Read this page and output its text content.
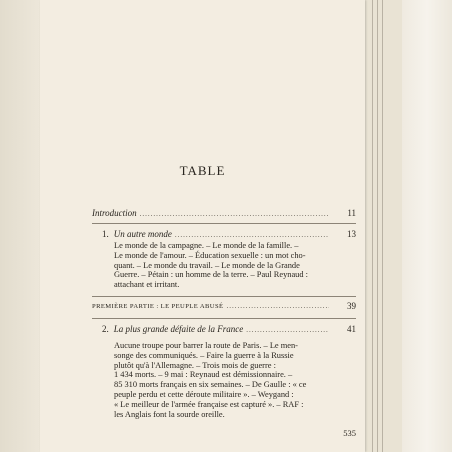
TABLE
Introduction .....	11
1. Un autre monde .....	13
Le monde de la campagne. – Le monde de la famille. –
Le monde de l'amour. – Éducation sexuelle : un mot cho-
quant. – Le monde du travail. – Le monde de la Grande
Guerre. – Pétain : un homme de la terre. – Paul Reynaud :
attachant et irritant.
PREMIÈRE PARTIE : LE PEUPLE ABUSÉ .....	39
2. La plus grande défaite de la France .....	41
Aucune troupe pour barrer la route de Paris. – Le men-
songe des communiqués. – Faire la guerre à la Russie
plutôt qu'à l'Allemagne. – Trois mois de guerre :
1 434 morts. – 9 mai : Reynaud est démissionnaire. –
85 310 morts français en six semaines. – De Gaulle : « ce
peuple perdu et cette déroute militaire ». – Weygand :
« Le meilleur de l'armée française est capturé ». – RAF :
les Anglais font la sourde oreille.
535
